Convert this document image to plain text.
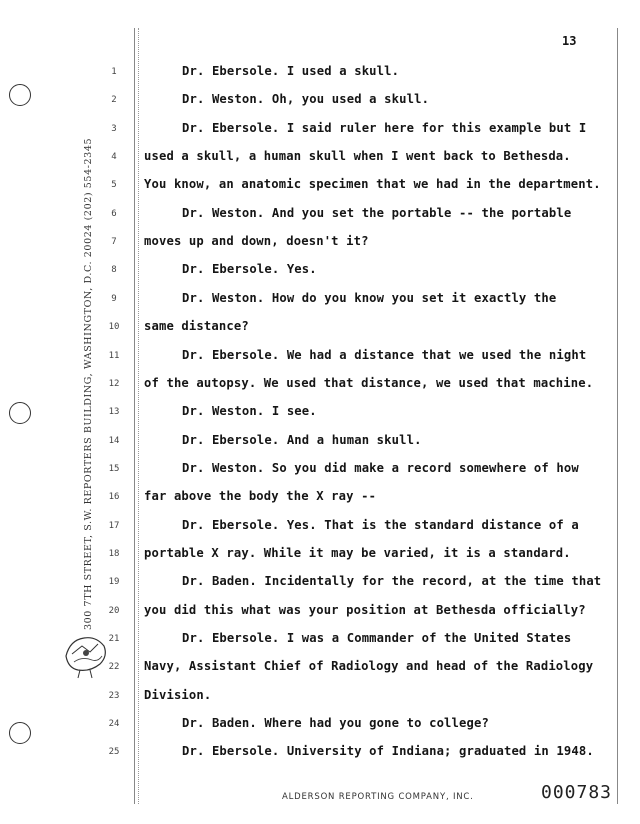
300 7TH STREET, S.W. REPORTERS BUILDING, WASHINGTON, D.C. 20024 (202) 554-2345
13
1	Dr. Ebersole. I used a skull.
2	Dr. Weston. Oh, you used a skull.
3	Dr. Ebersole. I said ruler here for this example but I
4	used a skull, a human skull when I went back to Bethesda.
5	You know, an anatomic specimen that we had in the department.
6	Dr. Weston. And you set the portable -- the portable
7	moves up and down, doesn't it?
8	Dr. Ebersole. Yes.
9	Dr. Weston. How do you know you set it exactly the
10	same distance?
11	Dr. Ebersole. We had a distance that we used the night
12	of the autopsy. We used that distance, we used that machine.
13	Dr. Weston. I see.
14	Dr. Ebersole. And a human skull.
15	Dr. Weston. So you did make a record somewhere of how
16	far above the body the X ray --
17	Dr. Ebersole. Yes. That is the standard distance of a
18	portable X ray. While it may be varied, it is a standard.
19	Dr. Baden. Incidentally for the record, at the time that
20	you did this what was your position at Bethesda officially?
21	Dr. Ebersole. I was a Commander of the United States
22	Navy, Assistant Chief of Radiology and head of the Radiology
23	Division.
24	Dr. Baden. Where had you gone to college?
25	Dr. Ebersole. University of Indiana; graduated in 1948.
ALDERSON REPORTING COMPANY, INC.	000783
